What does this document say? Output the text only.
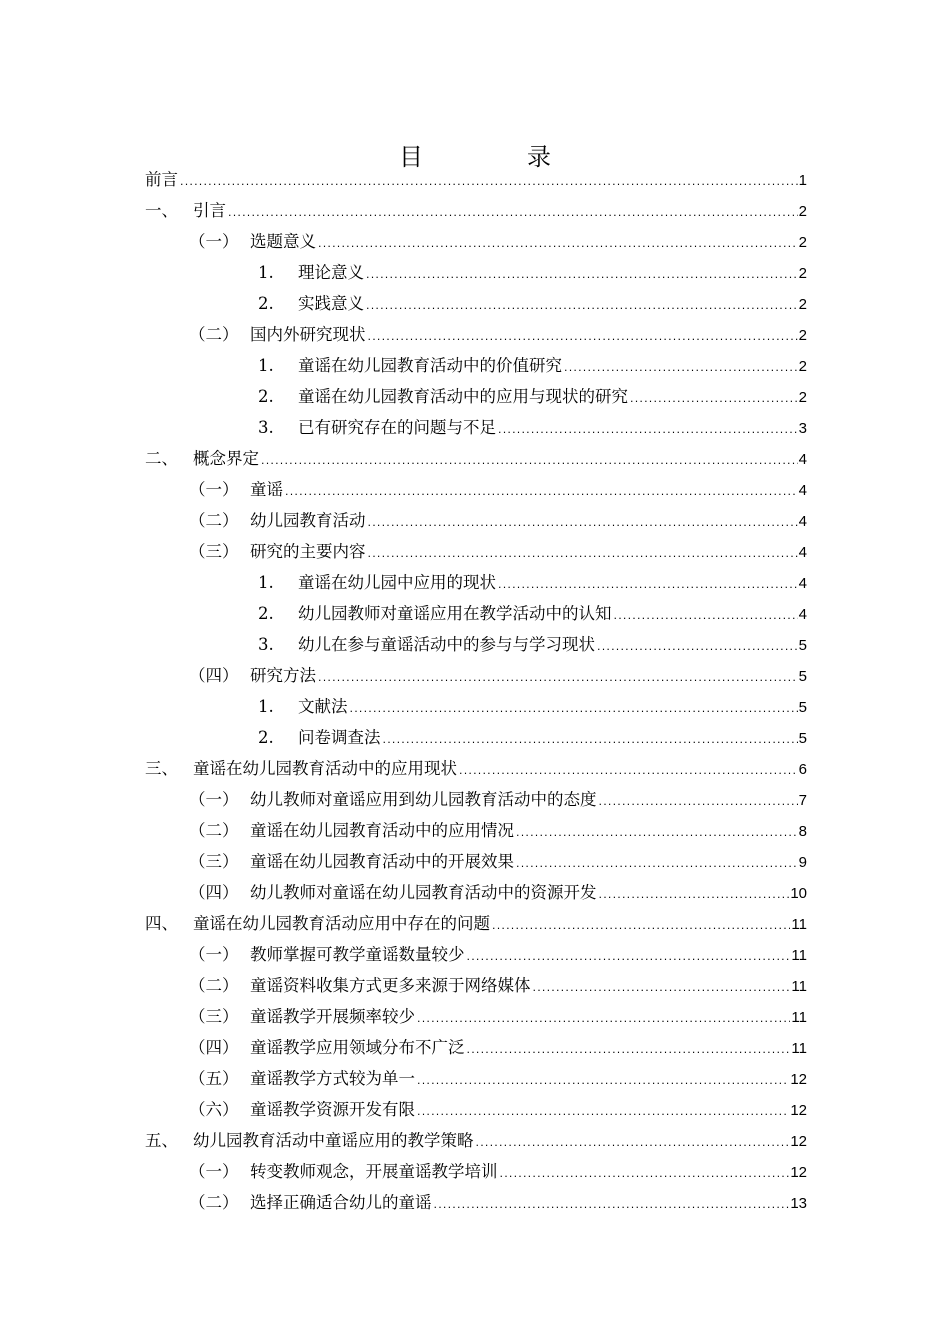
目　录
前言 .....	1
一、 引言 .....	2
（一） 选题意义 .....	2
1. 理论意义 .....	2
2. 实践意义 .....	2
（二） 国内外研究现状 .....	2
1. 童谣在幼儿园教育活动中的价值研究 .....	2
2. 童谣在幼儿园教育活动中的应用与现状的研究 .....	2
3. 已有研究存在的问题与不足 .....	3
二、 概念界定 .....	4
（一） 童谣 .....	4
（二） 幼儿园教育活动 .....	4
（三） 研究的主要内容 .....	4
1. 童谣在幼儿园中应用的现状 .....	4
2. 幼儿园教师对童谣应用在教学活动中的认知 .....	4
3. 幼儿在参与童谣活动中的参与与学习现状 .....	5
（四） 研究方法 .....	5
1. 文献法 .....	5
2. 问卷调查法 .....	5
三、 童谣在幼儿园教育活动中的应用现状 .....	6
（一） 幼儿教师对童谣应用到幼儿园教育活动中的态度 .....	7
（二） 童谣在幼儿园教育活动中的应用情况 .....	8
（三） 童谣在幼儿园教育活动中的开展效果 .....	9
（四） 幼儿教师对童谣在幼儿园教育活动中的资源开发 .....	10
四、 童谣在幼儿园教育活动应用中存在的问题 .....	11
（一） 教师掌握可教学童谣数量较少 .....	11
（二） 童谣资料收集方式更多来源于网络媒体 .....	11
（三） 童谣教学开展频率较少 .....	11
（四） 童谣教学应用领域分布不广泛 .....	11
（五） 童谣教学方式较为单一 .....	12
（六） 童谣教学资源开发有限 .....	12
五、 幼儿园教育活动中童谣应用的教学策略 .....	12
（一） 转变教师观念，开展童谣教学培训 .....	12
（二） 选择正确适合幼儿的童谣 .....	13
